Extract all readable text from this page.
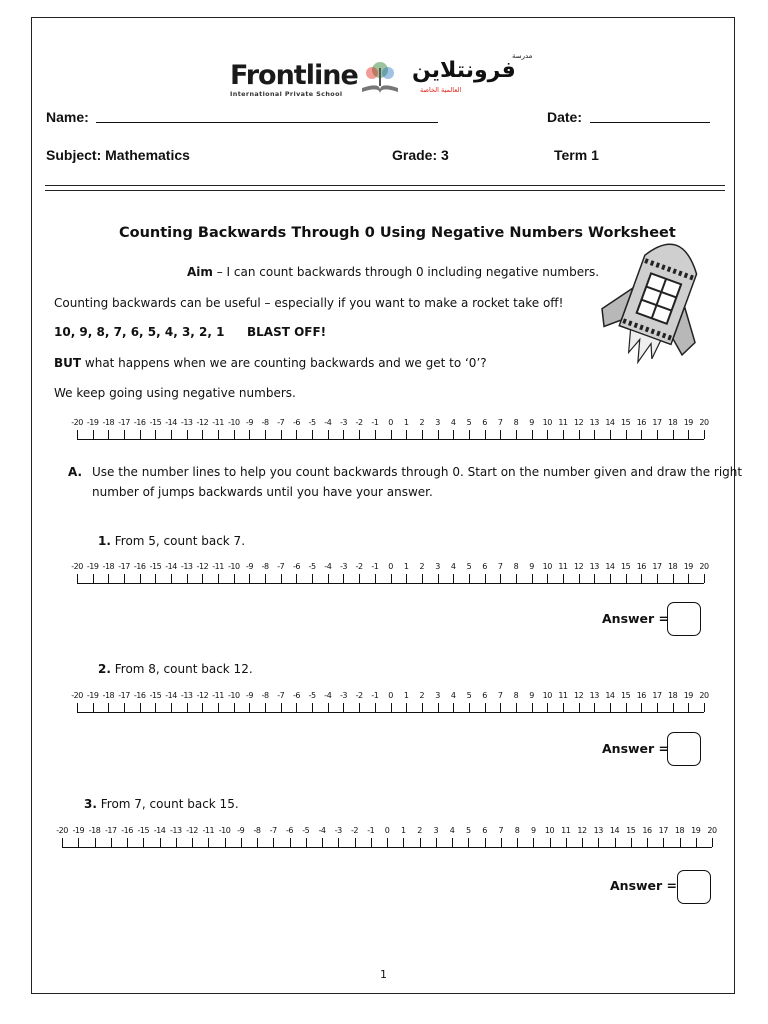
Frontline
International Private School
فرونتلاين
مدرسة
العالمية الخاصة
Name:	Date:
Subject: Mathematics	Grade: 3	Term 1
Counting Backwards Through 0 Using Negative Numbers Worksheet
Aim – I can count backwards through 0 including negative numbers.
Counting backwards can be useful – especially if you want to make a rocket take off!
10, 9, 8, 7, 6, 5, 4, 3, 2, 1 BLAST OFF!
BUT what happens when we are counting backwards and we get to ‘0’?
We keep going using negative numbers.
-20 -19 -18 -17 -16 -15 -14 -13 -12 -11 -10 -9 -8 -7 -6 -5 -4 -3 -2 -1 0 1 2 3 4 5 6 7 8 9 10 11 12 13 14 15 16 17 18 19 20
A. Use the number lines to help you count backwards through 0. Start on the number given and draw the right
number of jumps backwards until you have your answer.
1. From 5, count back 7.
-20 -19 -18 -17 -16 -15 -14 -13 -12 -11 -10 -9 -8 -7 -6 -5 -4 -3 -2 -1 0 1 2 3 4 5 6 7 8 9 10 11 12 13 14 15 16 17 18 19 20
Answer =
2. From 8, count back 12.
-20 -19 -18 -17 -16 -15 -14 -13 -12 -11 -10 -9 -8 -7 -6 -5 -4 -3 -2 -1 0 1 2 3 4 5 6 7 8 9 10 11 12 13 14 15 16 17 18 19 20
Answer =
3. From 7, count back 15.
-20 -19 -18 -17 -16 -15 -14 -13 -12 -11 -10 -9 -8 -7 -6 -5 -4 -3 -2 -1 0 1 2 3 4 5 6 7 8 9 10 11 12 13 14 15 16 17 18 19 20
Answer =
1
